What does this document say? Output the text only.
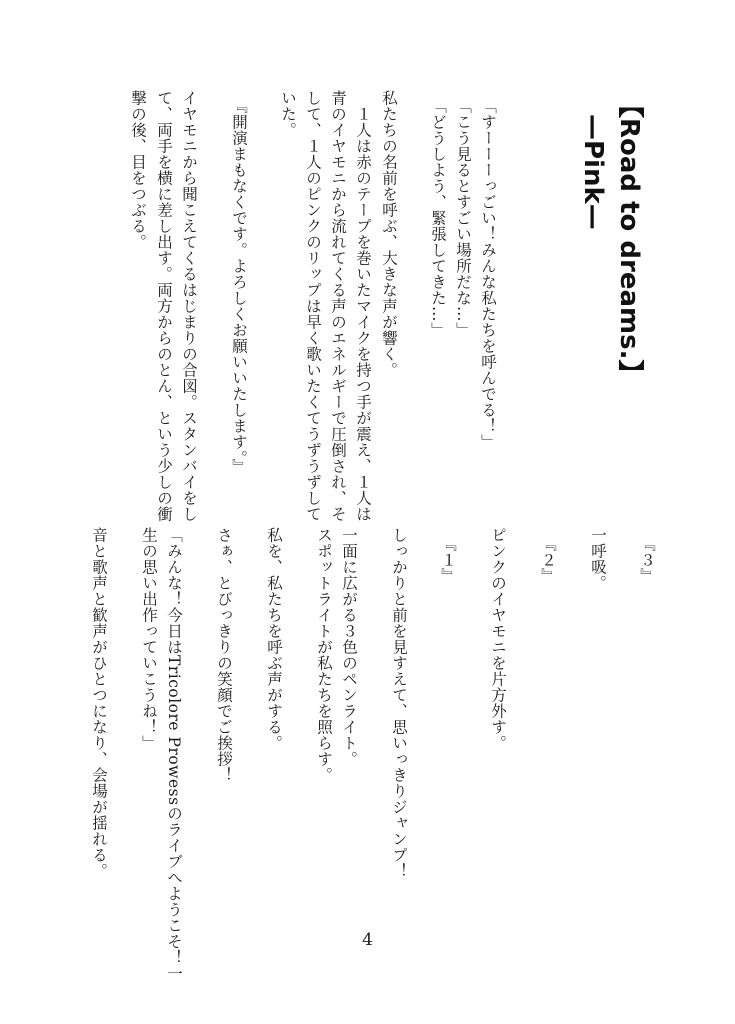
【Road to dreams.】
—Pink—
「すーーーっごい！みんな私たちを呼んでる！」
「こう見るとすごい場所だな…」
「どうしよう、緊張してきた…」
私たちの名前を呼ぶ、大きな声が響く。
　１人は赤のテープを巻いたマイクを持つ手が震え、１人は
青のイヤモニから流れてくる声のエネルギーで圧倒され、そ
して、１人のピンクのリップは早く歌いたくてうずうずして
いた。
『開演まもなくです。よろしくお願いいたします。』
イヤモニから聞こえてくるはじまりの合図。スタンバイをし
て、両手を横に差し出す。両方からのとん、という少しの衝
撃の後、目をつぶる。
『３』
一呼吸。
『２』
ピンクのイヤモニを片方外す。
『１』
しっかりと前を見すえて、思いっきりジャンプ！
一面に広がる３色のペンライト。
スポットライトが私たちを照らす。
私を、私たちを呼ぶ声がする。
さぁ、とびっきりの笑顔でご挨拶！
「みんな！今日はTricolore Prowessのライブへようこそ！一
生の思い出作っていこうね！」
音と歌声と歓声がひとつになり、会場が揺れる。
4
